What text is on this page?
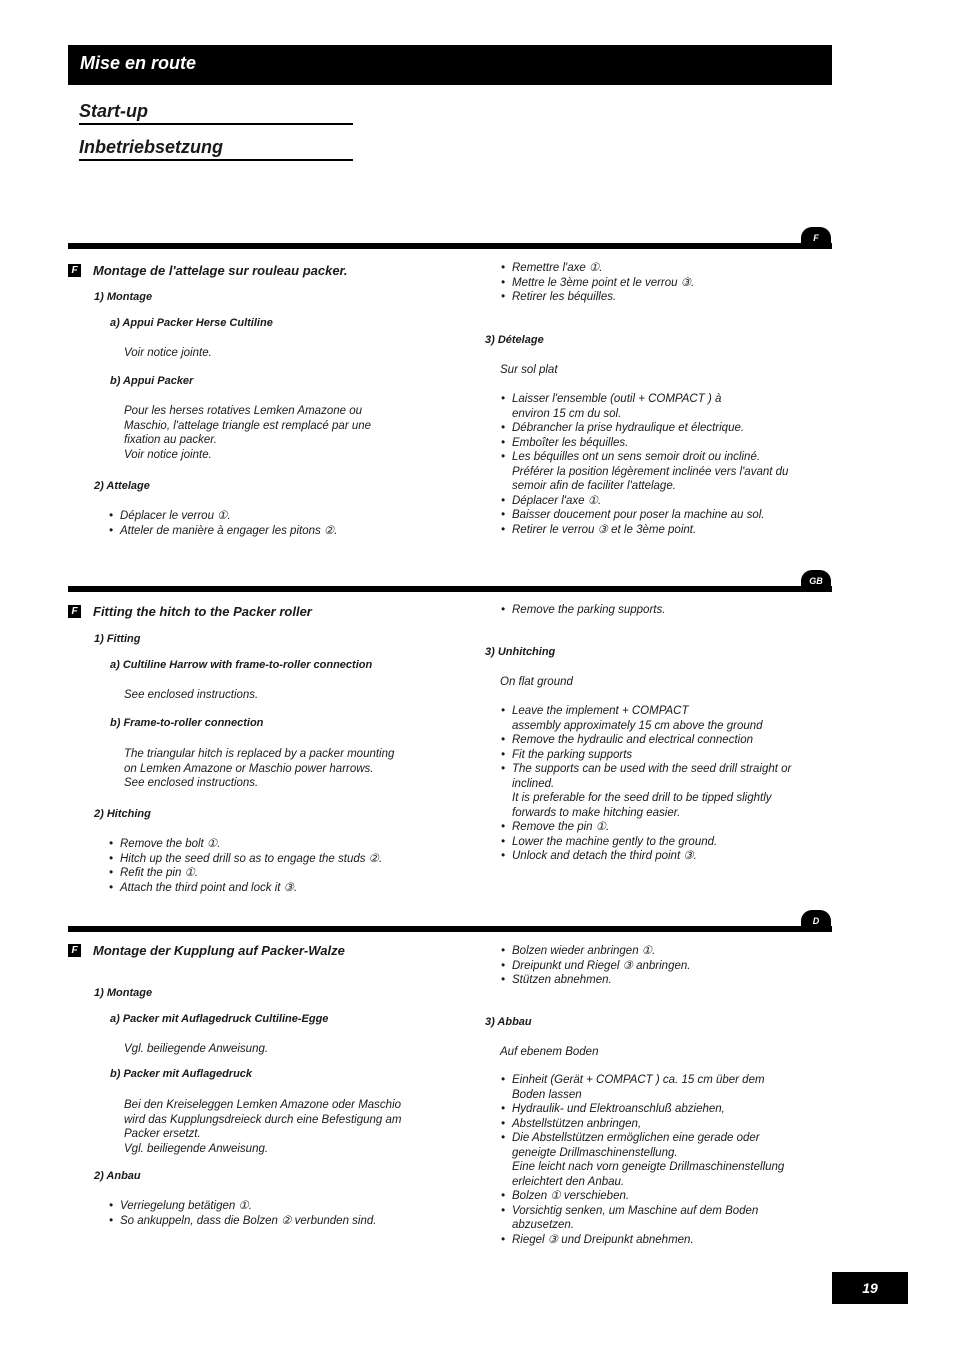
Mise en route
Start-up
Inbetriebsetzung
F
F Montage de l'attelage sur rouleau packer.
1) Montage
a) Appui Packer Herse Cultiline
Voir notice jointe.
b) Appui Packer
Pour les herses rotatives Lemken Amazone ou
Maschio, l'attelage triangle est remplacé par une
fixation au packer.
Voir notice jointe.
2) Attelage
• Déplacer le verrou ①.
• Atteler de manière à engager les pitons ②.
• Remettre l'axe ①.
• Mettre le 3ème point et le verrou ③.
• Retirer les béquilles.
3) Dételage
Sur sol plat
• Laisser l'ensemble (outil + COMPACT ) à
environ 15 cm du sol.
• Débrancher la prise hydraulique et électrique.
• Emboîter les béquilles.
• Les béquilles ont un sens semoir droit ou incliné.
Préférer la position légèrement inclinée vers l'avant du
semoir afin de faciliter l'attelage.
• Déplacer l'axe ①.
• Baisser doucement pour poser la machine au sol.
• Retirer le verrou ③ et le 3ème point.
GB
F Fitting the hitch to the Packer roller
1) Fitting
a) Cultiline Harrow with frame-to-roller connection
See enclosed instructions.
b) Frame-to-roller connection
The triangular hitch is replaced by a packer mounting
on Lemken Amazone or Maschio power harrows.
See enclosed instructions.
2) Hitching
• Remove the bolt ①.
• Hitch up the seed drill so as to engage the studs ②.
• Refit the pin ①.
• Attach the third point and lock it ③.
• Remove the parking supports.
3) Unhitching
On flat ground
• Leave the implement + COMPACT
assembly approximately 15 cm above the ground
• Remove the hydraulic and electrical connection
• Fit the parking supports
• The supports can be used with the seed drill straight or
inclined.
It is preferable for the seed drill to be tipped slightly
forwards to make hitching easier.
• Remove the pin ①.
• Lower the machine gently to the ground.
• Unlock and detach the third point ③.
D
F Montage der Kupplung auf Packer-Walze
1) Montage
a) Packer mit Auflagedruck Cultiline-Egge
Vgl. beiliegende Anweisung.
b) Packer mit Auflagedruck
Bei den Kreiseleggen Lemken Amazone oder Maschio
wird das Kupplungsdreieck durch eine Befestigung am
Packer ersetzt.
Vgl. beiliegende Anweisung.
2) Anbau
• Verriegelung betätigen ①.
• So ankuppeln, dass die Bolzen ② verbunden sind.
• Bolzen wieder anbringen ①.
• Dreipunkt und Riegel ③ anbringen.
• Stützen abnehmen.
3) Abbau
Auf ebenem Boden
• Einheit (Gerät + COMPACT ) ca. 15 cm über dem
Boden lassen
• Hydraulik- und Elektroanschluß abziehen,
• Abstellstützen anbringen,
• Die Abstellstützen ermöglichen eine gerade oder
geneigte Drillmaschinenstellung.
Eine leicht nach vorn geneigte Drillmaschinenstellung
erleichtert den Anbau.
• Bolzen ① verschieben.
• Vorsichtig senken, um Maschine auf dem Boden
abzusetzen.
• Riegel ③ und Dreipunkt abnehmen.
19
